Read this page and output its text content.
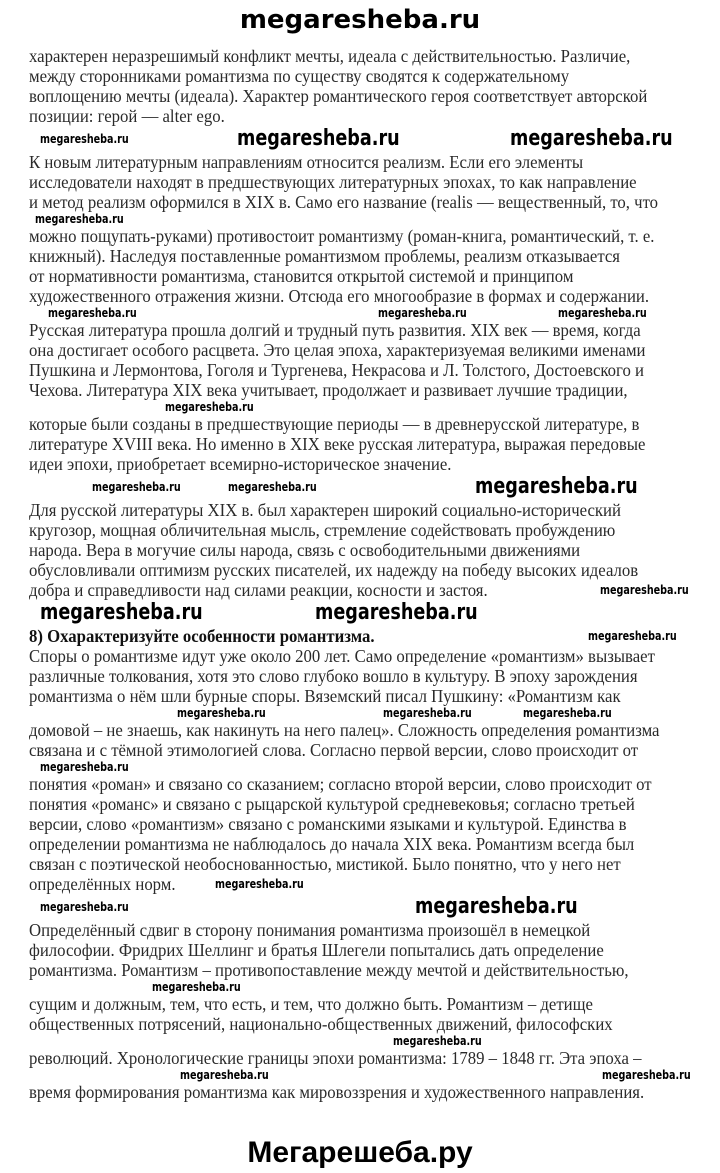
megaresheba.ru
характерен неразрешимый конфликт мечты, идеала с действительностью. Различие,
между сторонниками романтизма по существу сводятся к содержательному
воплощению мечты (идеала). Характер романтического героя соответствует авторской
позиции: герой — alter ego.
megaresheba.ru	megaresheba.ru	megaresheba.ru
К новым литературным направлениям относится реализм. Если его элементы
исследователи находят в предшествующих литературных эпохах, то как направление
и метод реализм оформился в XIX в. Само его название (realis — вещественный, то, что
megaresheba.ru
можно пощупать-руками) противостоит романтизму (роман-книга, романтический, т. е.
книжный). Наследуя поставленные романтизмом проблемы, реализм отказывается
от нормативности романтизма, становится открытой системой и принципом
художественного отражения жизни. Отсюда его многообразие в формах и содержании.
megaresheba.ru	megaresheba.ru	megaresheba.ru
Русская литература прошла долгий и трудный путь развития. XIX век — время, когда
она достигает особого расцвета. Это целая эпоха, характеризуемая великими именами
Пушкина и Лермонтова, Гоголя и Тургенева, Некрасова и Л. Толстого, Достоевского и
Чехова. Литература XIX века учитывает, продолжает и развивает лучшие традиции,
megaresheba.ru
которые были созданы в предшествующие периоды — в древнерусской литературе, в
литературе XVIII века. Но именно в XIX веке русская литература, выражая передовые
идеи эпохи, приобретает всемирно-историческое значение.
megaresheba.ru	megaresheba.ru	megaresheba.ru
Для русской литературы XIX в. был характерен широкий социально-исторический
кругозор, мощная обличительная мысль, стремление содействовать пробуждению
народа. Вера в могучие силы народа, связь с освободительными движениями
обусловливали оптимизм русских писателей, их надежду на победу высоких идеалов
добра и справедливости над силами реакции, косности и застоя.	megaresheba.ru
megaresheba.ru	megaresheba.ru
8) Охарактеризуйте особенности романтизма.	megaresheba.ru
Споры о романтизме идут уже около 200 лет. Само определение «романтизм» вызывает
различные толкования, хотя это слово глубоко вошло в культуру. В эпоху зарождения
романтизма о нём шли бурные споры. Вяземский писал Пушкину: «Романтизм как
megaresheba.ru	megaresheba.ru	megaresheba.ru
домовой – не знаешь, как накинуть на него палец». Сложность определения романтизма
связана и с тёмной этимологией слова. Согласно первой версии, слово происходит от
megaresheba.ru
понятия «роман» и связано со сказанием; согласно второй версии, слово происходит от
понятия «романс» и связано с рыцарской культурой средневековья; согласно третьей
версии, слово «романтизм» связано с романскими языками и культурой. Единства в
определении романтизма не наблюдалось до начала XIX века. Романтизм всегда был
связан с поэтической необоснованностью, мистикой. Было понятно, что у него нет
определённых норм.	megaresheba.ru
megaresheba.ru	megaresheba.ru
Определённый сдвиг в сторону понимания романтизма произошёл в немецкой
философии. Фридрих Шеллинг и братья Шлегели попытались дать определение
романтизма. Романтизм – противопоставление между мечтой и действительностью,
megaresheba.ru
сущим и должным, тем, что есть, и тем, что должно быть. Романтизм – детище
общественных потрясений, национально-общественных движений, философских
megaresheba.ru
революций. Хронологические границы эпохи романтизма: 1789 – 1848 гг. Эта эпоха –
megaresheba.ru	megaresheba.ru
время формирования романтизма как мировоззрения и художественного направления.
Мегарешеба.ру
